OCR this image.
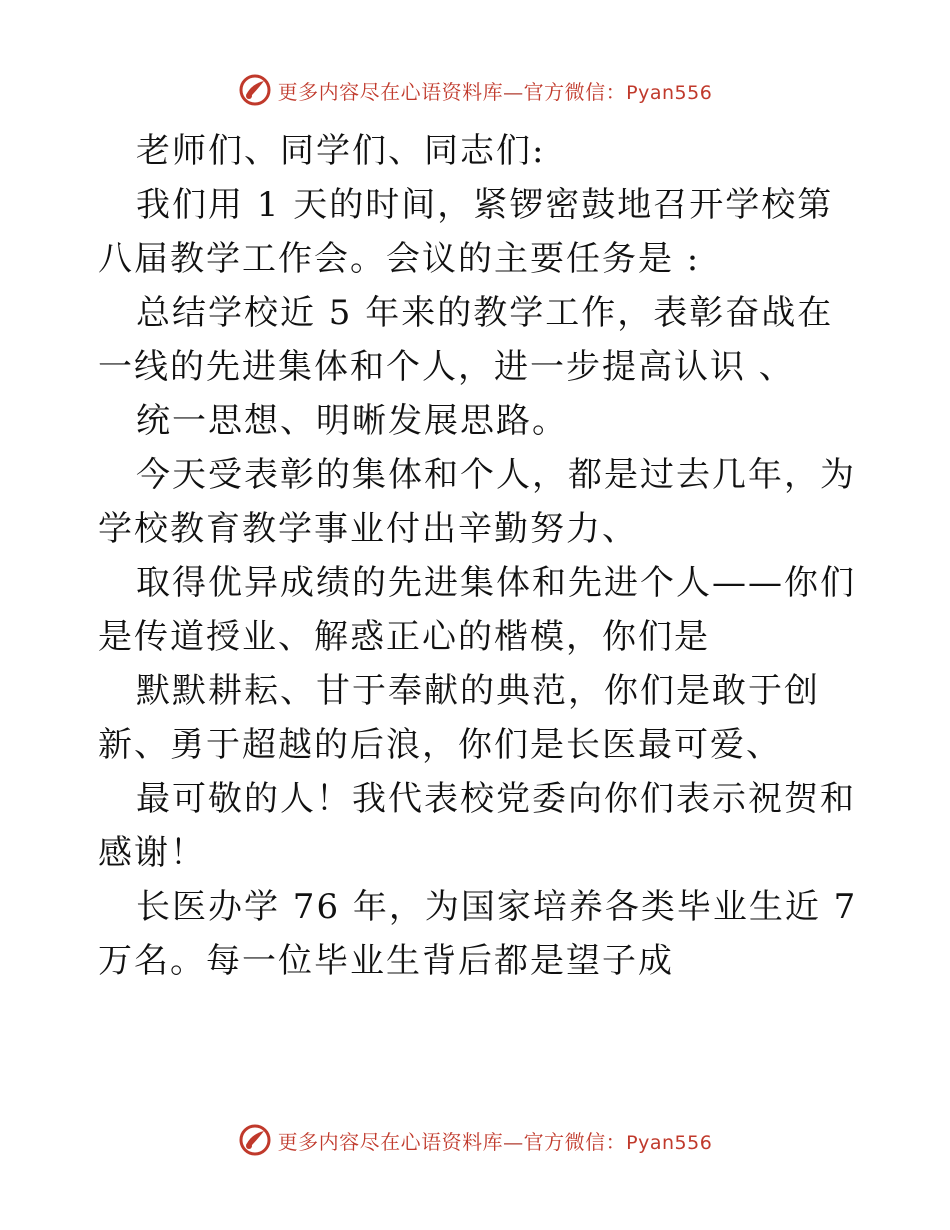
更多内容尽在心语资料库—官方微信：Pyan556

老师们、同学们、同志们:

我们用 1 天的时间，紧锣密鼓地召开学校第八届教学工作会。会议的主要任务是 :

总结学校近 5 年来的教学工作，表彰奋战在一线的先进集体和个人，进一步提高认识 、

统一思想、明晰发展思路。

今天受表彰的集体和个人，都是过去几年，为学校教育教学事业付出辛勤努力、

取得优异成绩的先进集体和先进个人——你们是传道授业、解惑正心的楷模，你们是

默默耕耘、甘于奉献的典范，你们是敢于创新、勇于超越的后浪，你们是长医最可爱、

最可敬的人！我代表校党委向你们表示祝贺和感谢！

长医办学 76 年，为国家培养各类毕业生近 7 万名。每一位毕业生背后都是望子成

更多内容尽在心语资料库—官方微信：Pyan556
